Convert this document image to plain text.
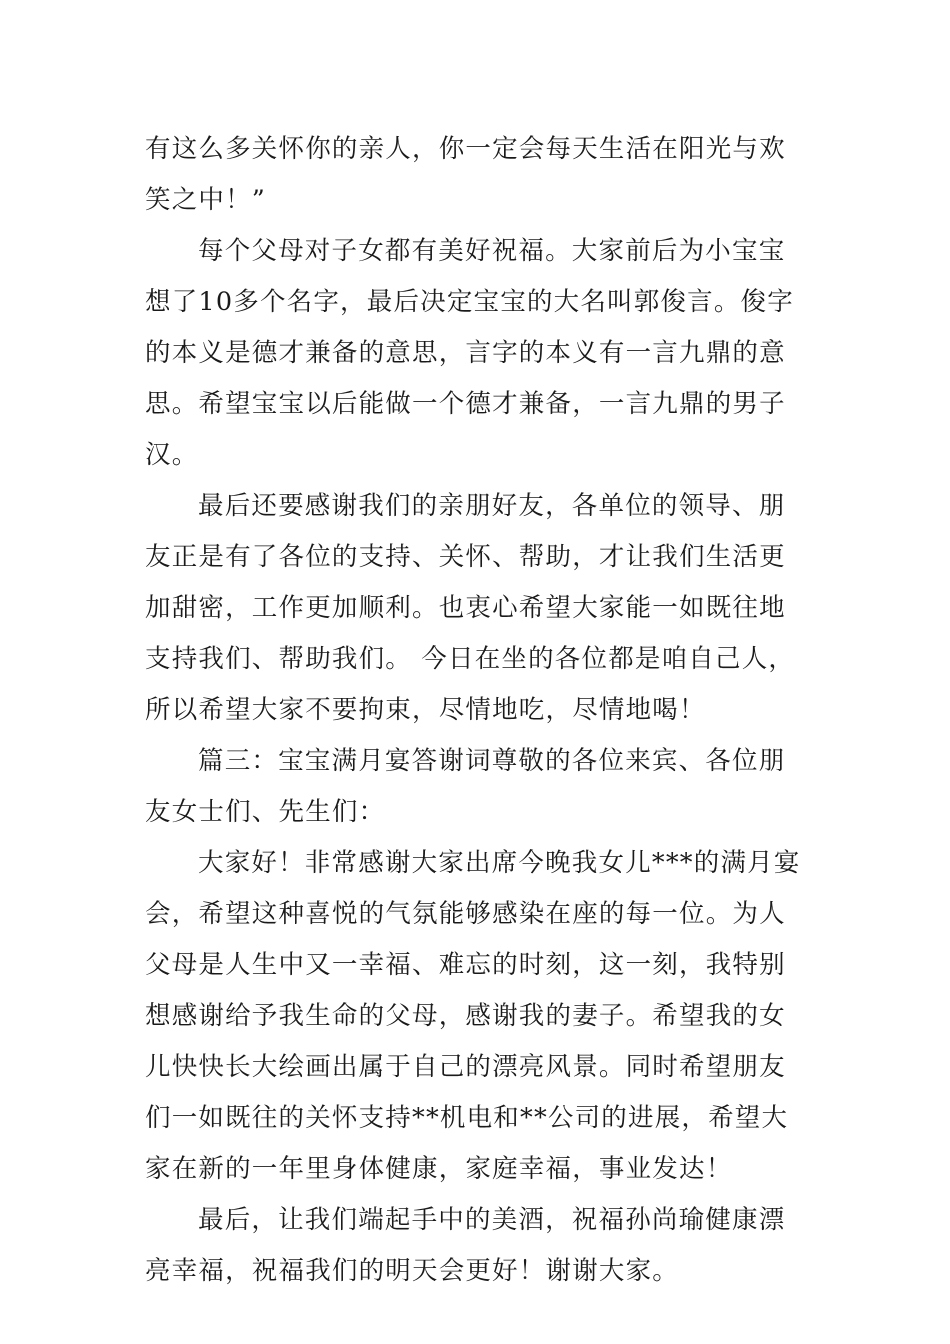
有这么多关怀你的亲人，你一定会每天生活在阳光与欢笑之中！”

每个父母对子女都有美好祝福。大家前后为小宝宝想了10多个名字，最后决定宝宝的大名叫郭俊言。俊字的本义是德才兼备的意思，言字的本义有一言九鼎的意思。希望宝宝以后能做一个德才兼备，一言九鼎的男子汉。

最后还要感谢我们的亲朋好友，各单位的领导、朋友正是有了各位的支持、关怀、帮助，才让我们生活更加甜密，工作更加顺利。也衷心希望大家能一如既往地支持我们、帮助我们。 今日在坐的各位都是咱自己人，所以希望大家不要拘束，尽情地吃，尽情地喝！

篇三：宝宝满月宴答谢词尊敬的各位来宾、各位朋友女士们、先生们：

大家好！非常感谢大家出席今晚我女儿***的满月宴会，希望这种喜悦的气氛能够感染在座的每一位。为人父母是人生中又一幸福、难忘的时刻，这一刻，我特别想感谢给予我生命的父母，感谢我的妻子。希望我的女儿快快长大绘画出属于自己的漂亮风景。同时希望朋友们一如既往的关怀支持**机电和**公司的进展，希望大家在新的一年里身体健康，家庭幸福，事业发达！

最后，让我们端起手中的美酒，祝福孙尚瑜健康漂亮幸福，祝福我们的明天会更好！谢谢大家。
